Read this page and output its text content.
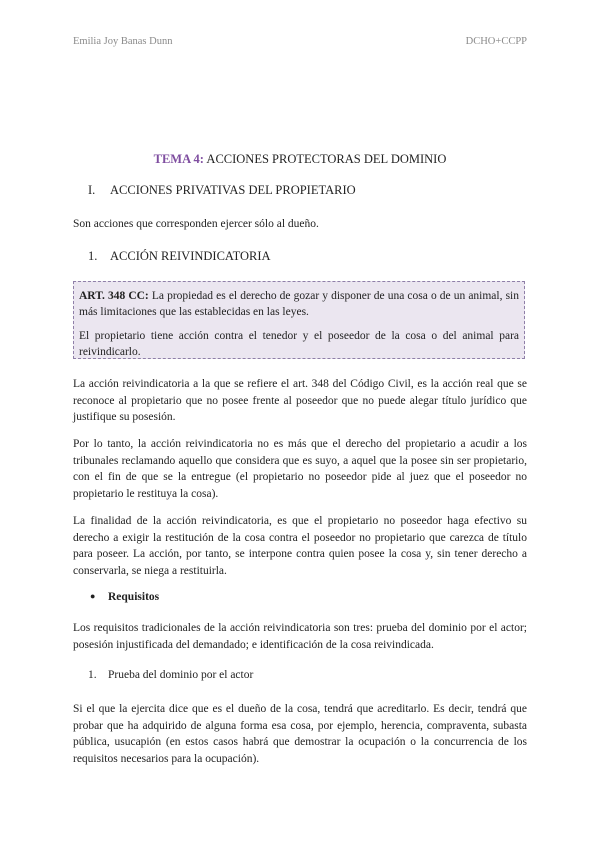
Emilia Joy Banas Dunn	DCHO+CCPP
TEMA 4: ACCIONES PROTECTORAS DEL DOMINIO
I. ACCIONES PRIVATIVAS DEL PROPIETARIO
Son acciones que corresponden ejercer sólo al dueño.
1. ACCIÓN REIVINDICATORIA

ART. 348 CC: La propiedad es el derecho de gozar y disponer de una cosa o de un animal, sin más limitaciones que las establecidas en las leyes.

El propietario tiene acción contra el tenedor y el poseedor de la cosa o del animal para reivindicarlo.

La acción reivindicatoria a la que se refiere el art. 348 del Código Civil, es la acción real que se reconoce al propietario que no posee frente al poseedor que no puede alegar título jurídico que justifique su posesión.
Por lo tanto, la acción reivindicatoria no es más que el derecho del propietario a acudir a los tribunales reclamando aquello que considera que es suyo, a aquel que la posee sin ser propietario, con el fin de que se la entregue (el propietario no poseedor pide al juez que el poseedor no propietario le restituya la cosa).
La finalidad de la acción reivindicatoria, es que el propietario no poseedor haga efectivo su derecho a exigir la restitución de la cosa contra el poseedor no propietario que carezca de título para poseer. La acción, por tanto, se interpone contra quien posee la cosa y, sin tener derecho a conservarla, se niega a restituirla.
● Requisitos
Los requisitos tradicionales de la acción reivindicatoria son tres: prueba del dominio por el actor; posesión injustificada del demandado; e identificación de la cosa reivindicada.
1. Prueba del dominio por el actor
Si el que la ejercita dice que es el dueño de la cosa, tendrá que acreditarlo. Es decir, tendrá que probar que ha adquirido de alguna forma esa cosa, por ejemplo, herencia, compraventa, subasta pública, usucapión (en estos casos habrá que demostrar la ocupación o la concurrencia de los requisitos necesarios para la ocupación).
